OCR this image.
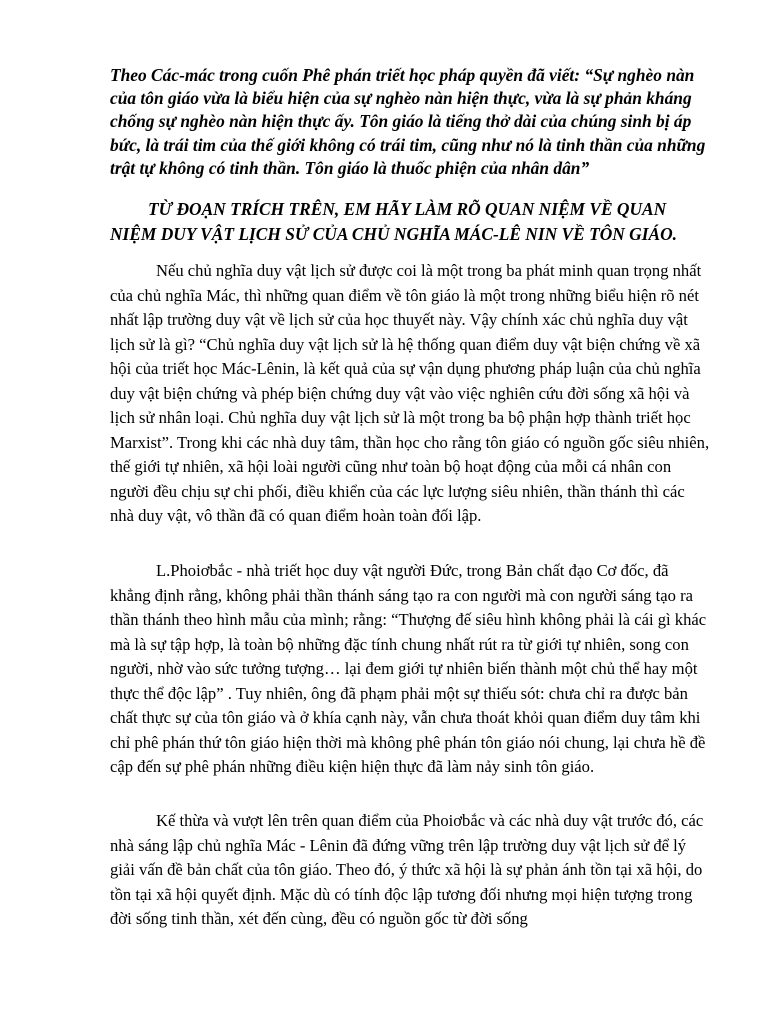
Theo Các-mác trong cuốn Phê phán triết học pháp quyền đã viết: “Sự nghèo nàn của tôn giáo vừa là biểu hiện của sự nghèo nàn hiện thực, vừa là sự phản kháng chống sự nghèo nàn hiện thực ấy. Tôn giáo là tiếng thở dài của chúng sinh bị áp bức, là trái tim của thế giới không có trái tim, cũng như nó là tinh thần của những trật tự không có tinh thần. Tôn giáo là thuốc phiện của nhân dân”

TỪ ĐOẠN TRÍCH TRÊN, EM HÃY LÀM RÕ QUAN NIỆM VỀ QUAN NIỆM DUY VẬT LỊCH SỬ CỦA CHỦ NGHĨA MÁC-LÊ NIN VỀ TÔN GIÁO.

Nếu chủ nghĩa duy vật lịch sử được coi là một trong ba phát minh quan trọng nhất của chủ nghĩa Mác, thì những quan điểm về tôn giáo là một trong những biểu hiện rõ nét nhất lập trường duy vật về lịch sử của học thuyết này. Vậy chính xác chủ nghĩa duy vật lịch sử là gì? “Chủ nghĩa duy vật lịch sử là hệ thống quan điểm duy vật biện chứng về xã hội của triết học Mác-Lênin, là kết quả của sự vận dụng phương pháp luận của chủ nghĩa duy vật biện chứng và phép biện chứng duy vật vào việc nghiên cứu đời sống xã hội và lịch sử nhân loại. Chủ nghĩa duy vật lịch sử là một trong ba bộ phận hợp thành triết học Marxist”. Trong khi các nhà duy tâm, thần học cho rằng tôn giáo có nguồn gốc siêu nhiên, thế giới tự nhiên, xã hội loài người cũng như toàn bộ hoạt động của mỗi cá nhân con người đều chịu sự chi phối, điều khiển của các lực lượng siêu nhiên, thần thánh thì các nhà duy vật, vô thần đã có quan điểm hoàn toàn đối lập.

L.Phoiơbắc - nhà triết học duy vật người Đức, trong Bản chất đạo Cơ đốc, đã khẳng định rằng, không phải thần thánh sáng tạo ra con người mà con người sáng tạo ra thần thánh theo hình mẫu của mình; rằng: “Thượng đế siêu hình không phải là cái gì khác mà là sự tập hợp, là toàn bộ những đặc tính chung nhất rút ra từ giới tự nhiên, song con người, nhờ vào sức tưởng tượng… lại đem giới tự nhiên biến thành một chủ thể hay một thực thể độc lập” . Tuy nhiên, ông đã phạm phải một sự thiếu sót: chưa chỉ ra được bản chất thực sự của tôn giáo và ở khía cạnh này, vẫn chưa thoát khỏi quan điểm duy tâm khi chỉ phê phán thứ tôn giáo hiện thời mà không phê phán tôn giáo nói chung, lại chưa hề đề cập đến sự phê phán những điều kiện hiện thực đã làm nảy sinh tôn giáo.

Kế thừa và vượt lên trên quan điểm của Phoiơbắc và các nhà duy vật trước đó, các nhà sáng lập chủ nghĩa Mác - Lênin đã đứng vững trên lập trường duy vật lịch sử để lý giải vấn đề bản chất của tôn giáo. Theo đó, ý thức xã hội là sự phản ánh tồn tại xã hội, do tồn tại xã hội quyết định. Mặc dù có tính độc lập tương đối nhưng mọi hiện tượng trong đời sống tinh thần, xét đến cùng, đều có nguồn gốc từ đời sống
